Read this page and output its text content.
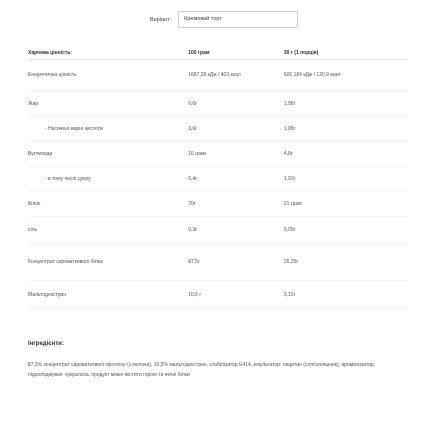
Варіант:	Кремовий торт
Харчова цінність:	100 грам	30 г (1 порція)
Енергетична цінність	1687,28 кДж / 403 ккал	506,184 кДж / 120,9 ккал
Жир	6,6г	1,98г
- Насичені жирні кислоти	3,6г	1,08г
Вуглеводи	16 грам	4,8г
- в тому числі цукру	6,4г	1,92г
Білок	70г	21 грам
сіль	0,3г	0,09г
Концентрат сироваткового білка	87,5г	26,25г
Мальтодекстрин	10,5 г	3,15г
Інгредієнти:
87,5% концентрат сироваткового протеїну (з молока), 10,5% мальтодекстрин, стабілізатор E414, емульгатор: лецитин (соя/соняшник), ароматизатор, підсолоджувач: сукралоза. продукт може містити горіхи та яєчні білки
